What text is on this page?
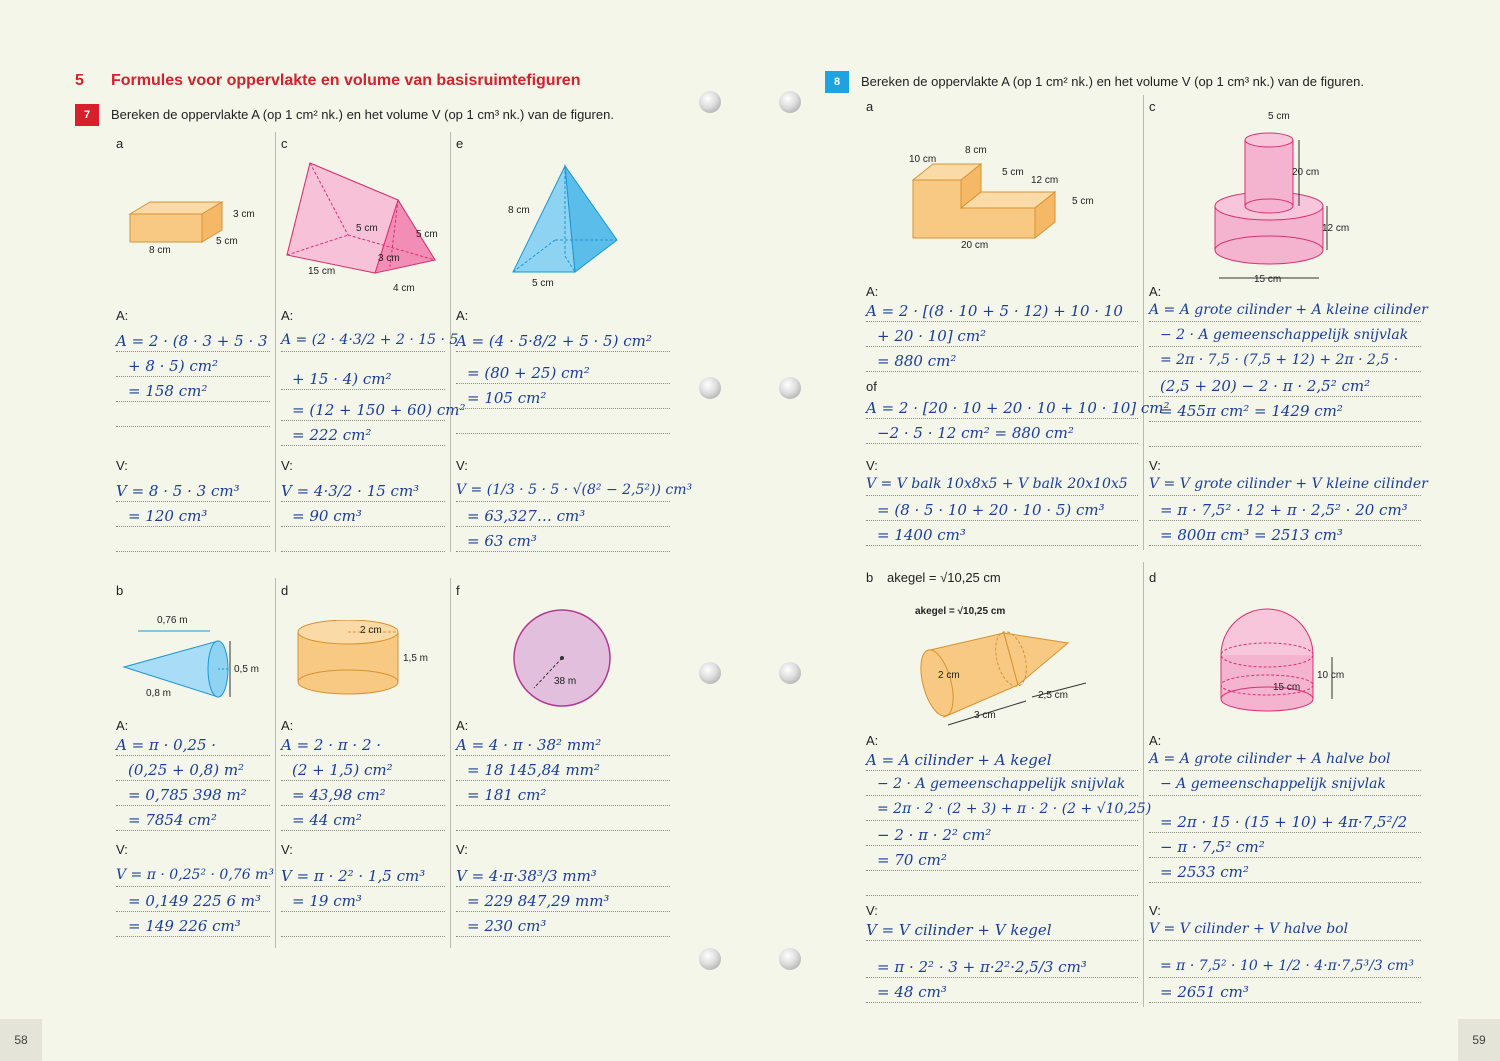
5 Formules voor oppervlakte en volume van basisruimtefiguren
7	Bereken de oppervlakte A (op 1 cm² nk.) en het volume V (op 1 cm³ nk.) van de figuren.
a	c	e
3 cm
5 cm
8 cm
5 cm
5 cm
3 cm
15 cm
4 cm
8 cm
5 cm
A:	A:	A:
A = 2 · (8 · 3 + 5 · 3
+ 8 · 5) cm²
= 158 cm²
A = (2 · 4·3/2 + 2 · 15 · 5
+ 15 · 4) cm²
= (12 + 150 + 60) cm²
= 222 cm²
A = (4 · 5·8/2 + 5 · 5) cm²
= (80 + 25) cm²
= 105 cm²
V:	V:	V:
V = 8 · 5 · 3 cm³
= 120 cm³
V = 4·3/2 · 15 cm³
= 90 cm³
V = (1/3 · 5 · 5 · √(8² − 2,5²)) cm³
= 63,327… cm³
= 63 cm³
b	d	f
0,76 m
0,5 m
0,8 m
2 cm
1,5 m
38 m
A:	A:	A:
A = π · 0,25 ·
(0,25 + 0,8) m²
= 0,785 398 m²
= 7854 cm²
A = 2 · π · 2 ·
(2 + 1,5) cm²
= 43,98 cm²
= 44 cm²
A = 4 · π · 38² mm²
= 18 145,84 mm²
= 181 cm²
V:	V:	V:
V = π · 0,25² · 0,76 m³
= 0,149 225 6 m³
= 149 226 cm³
V = π · 2² · 1,5 cm³
= 19 cm³
V = 4·π·38³/3 mm³
= 229 847,29 mm³
= 230 cm³
58
8	Bereken de oppervlakte A (op 1 cm² nk.) en het volume V (op 1 cm³ nk.) van de figuren.
a	c
10 cm
8 cm
5 cm
12 cm
5 cm
20 cm
5 cm
20 cm
12 cm
15 cm
A:
A = 2 · [(8 · 10 + 5 · 12) + 10 · 10
+ 20 · 10] cm²
= 880 cm²
of
A = 2 · [20 · 10 + 20 · 10 + 10 · 10] cm²
−2 · 5 · 12 cm² = 880 cm²
V:
V = V balk 10x8x5 + V balk 20x10x5
= (8 · 5 · 10 + 20 · 10 · 5) cm³
= 1400 cm³
A:
A = A grote cilinder + A kleine cilinder
− 2 · A gemeenschappelijk snijvlak
= 2π · 7,5 · (7,5 + 12) + 2π · 2,5 ·
(2,5 + 20) − 2 · π · 2,5² cm²
= 455π cm² = 1429 cm²
V:
V = V grote cilinder + V kleine cilinder
= π · 7,5² · 12 + π · 2,5² · 20 cm³
= 800π cm³ = 2513 cm³
b akegel = √10,25 cm	d
akegel = √10,25 cm
2 cm
3 cm
2,5 cm
10 cm
15 cm
A:
A = A cilinder + A kegel
− 2 · A gemeenschappelijk snijvlak
= 2π · 2 · (2 + 3) + π · 2 · (2 + √10,25)
− 2 · π · 2² cm²
= 70 cm²
V:
V = V cilinder + V kegel
= π · 2² · 3 + π·2²·2,5/3 cm³
= 48 cm³
A:
A = A grote cilinder + A halve bol
− A gemeenschappelijk snijvlak
= 2π · 15 · (15 + 10) + 4π·7,5²/2
− π · 7,5² cm²
= 2533 cm²
V:
V = V cilinder + V halve bol
= π · 7,5² · 10 + 1/2 · 4·π·7,5³/3 cm³
= 2651 cm³
59
